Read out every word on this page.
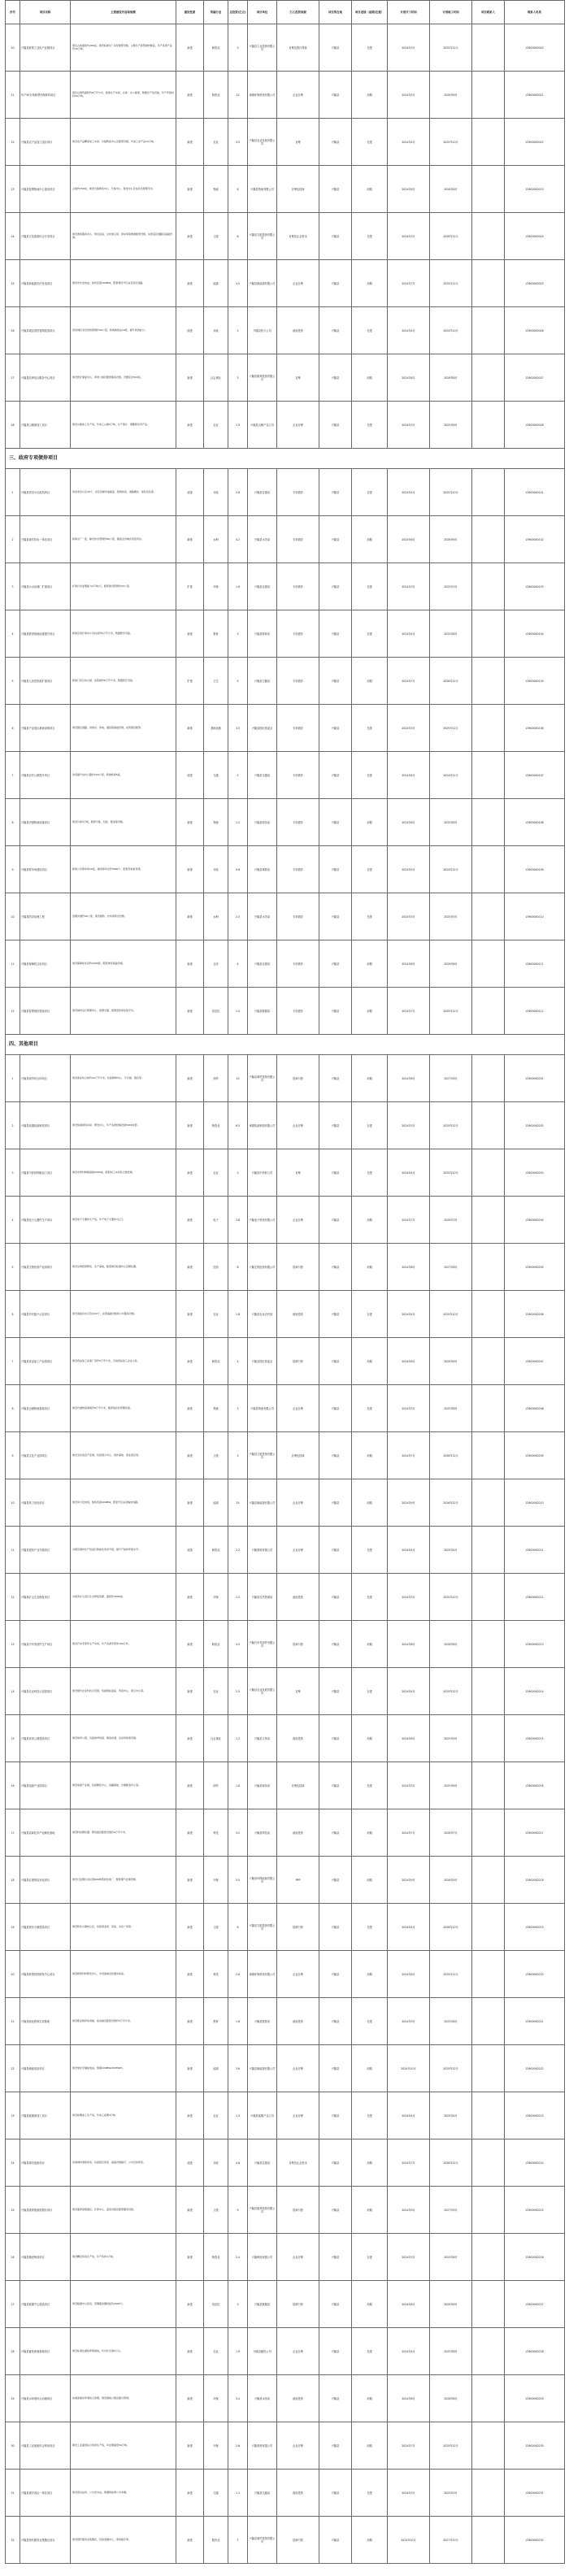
序号	项目名称	主要建设内容和规模	建设性质	所属行业	总投资(亿元)	项目单位	引入投资来源	项目所在地	项目进展（前期/在建）	计划开工时间	计划竣工时间	项目联系人	联系人电话
20	兴隆县新型工业化产业链项目	项目占地面积约200亩，建设标准化厂房及配套设施，主要生产新型建材制品，年产各类产品约30万吨。	新建	制造业	5	兴隆县工业投资有限公司	自筹及银行贷款	兴隆县	在建	2024年3月	2025年12月		13900000020
21	年产50万吨新型环保材料项目	项目总建筑面积约8万平方米，新建生产车间、仓库、办公楼等，购置生产线设备，年产环保材料50万吨。	新建	制造业	12	承德环保科技有限公司	企业自筹	兴隆县	前期	2024年5月	2026年6月		13900000021
22	兴隆县农产品加工园区项目	建设农产品精深加工车间、冷链物流中心及配套设施，年加工农产品10万吨。	新建	农业	3.5	兴隆县农业发展有限公司	自筹	兴隆县	在建	2024年4月	2025年10月		13900000022
23	兴隆县智慧物流中心建设项目	占地约150亩，建设仓储物流中心、分拣中心、配送中心及信息化管理平台。	新建	物流	6	兴隆县物流有限公司	自筹及招商	兴隆县	前期	2024年6月	2026年6月		13900000023
24	兴隆县文化旅游综合开发项目	建设游客服务中心、特色民宿、文化展示馆、停车场等旅游配套设施，完善景区道路及基础设施。	新建	文旅	8	兴隆县文旅投资有限公司	自筹及社会资本	兴隆县	在建	2024年3月	2026年12月		13900000024
25	兴隆县新能源光伏发电项目	建设光伏发电站，装机容量100MW，配套建设升压站及送出线路。	新建	能源	4.5	兴隆县新能源有限公司	企业自筹	兴隆县	前期	2024年7月	2025年12月		13900000025
26	兴隆县城区供热管网改造项目	改造城区老旧供热管网约30公里，新建换热站10座，提升供热能力。	改建	市政	2	兴隆县热力公司	政府投资	兴隆县	在建	2024年4月	2024年10月		13900000026
27	兴隆县医养结合服务中心项目	建设医疗康复中心、养老公寓及配套服务设施，设置床位500张。	新建	社会事业	3	兴隆县康养投资有限公司	自筹	兴隆县	前期	2024年8月	2026年8月		13900000027
28	兴隆县山楂深加工项目	建设山楂加工生产线，年加工山楂5万吨，生产果汁、果脯等系列产品。	新建	农业	1.5	兴隆县山楂产业公司	企业自筹	兴隆县	在建	2024年3月	2025年6月		13900000028
三、政府专项债券项目													
1	兴隆县老旧小区改造项目	改造老旧小区30个，涉及房屋外墙保温、管网改造、道路硬化、绿化亮化等。	改建	市政	2.8	兴隆县住建局	专项债券	兴隆县	在建	2024年4月	2025年10月		13900000101
2	兴隆县城乡供水一体化项目	新建水厂一座，铺设供水管网约80公里，覆盖全县城乡居民用水。	新建	水利	4.2	兴隆县水务局	专项债券	兴隆县	前期	2024年6月	2026年6月		13900000102
3	兴隆县污水处理厂扩建项目	扩建污水处理能力2万吨/日，配套建设管网约20公里。	扩建	环保	1.6	兴隆县住建局	专项债券	兴隆县	在建	2024年3月	2025年3月		13900000103
4	兴隆县教育基础设施提升项目	新建及改扩建中小学校舍约5万平方米，购置教学设备。	新建	教育	3	兴隆县教育局	专项债券	兴隆县	在建	2024年4月	2025年8月		13900000104
5	兴隆县人民医院改扩建项目	新建门急诊综合楼、住院楼约6万平方米，购置医疗设备。	扩建	卫生	5	兴隆县卫健局	专项债券	兴隆县	前期	2024年7月	2026年12月		13900000105
6	兴隆县产业园区基础设施项目	建设园区道路、供排水、供电、通信等基础设施，完善园区配套。	新建	基础设施	3.5	兴隆县园区管委会	专项债券	兴隆县	在建	2024年3月	2025年12月		13900000106
7	兴隆县农村公路提升项目	改造提升农村公路约150公里，新建桥梁5座。	改建	交通	2	兴隆县交通局	专项债券	兴隆县	在建	2024年4月	2024年11月		13900000107
8	兴隆县冷链物流设施项目	建设冷库5万吨，配套分拣、包装、配送等设施。	新建	物流	1.2	兴隆县商务局	专项债券	兴隆县	前期	2024年6月	2025年6月		13900000108
9	兴隆县停车场建设项目	新建公共停车场10处，提供停车位约3000个，配套充电桩设施。	新建	市政	0.8	兴隆县城管局	专项债券	兴隆县	在建	2024年5月	2024年12月		13900000109
10	兴隆县防洪治理工程	治理河道约40公里，建设堤防、护岸等防洪设施。	新建	水利	2.5	兴隆县水务局	专项债券	兴隆县	在建	2024年3月	2025年5月		13900000110
11	兴隆县保障性住房项目	建设保障性住房约2000套，配套建设基础设施。	新建	住房	4	兴隆县住建局	专项债券	兴隆县	前期	2024年8月	2026年8月		13900000111
12	兴隆县智慧城市建设项目	建设城市运行管理中心、智慧交通、智慧安防等系统平台。	新建	信息化	1.5	兴隆县数据局	专项债券	兴隆县	前期	2024年7月	2025年12月		13900000112
四、其他项目													
1	兴隆县商贸综合体项目	建设商业综合体约10万平方米，包括购物中心、写字楼、酒店等。	新建	商贸	10	兴隆县商贸投资有限公司	招商引资	兴隆县	前期	2024年6月	2027年6月		13900000201
2	兴隆县高端装备制造项目	建设装备制造车间、研发中心，年产各类机械设备5000台套。	新建	制造业	6.5	承德装备制造有限公司	企业自筹	兴隆县	在建	2024年3月	2025年12月		13900000202
3	兴隆县中药材种植加工项目	建设中药材种植基地5000亩，配套加工车间及仓储设施。	新建	农业	2	兴隆县中药材公司	自筹	兴隆县	在建	2024年4月	2025年10月		13900000203
4	兴隆县电子元器件生产项目	建设电子元器件生产线，年产电子元器件1亿只。	新建	电子	3.8	兴隆电子科技有限公司	企业自筹	兴隆县	前期	2024年7月	2026年3月		13900000204
5	兴隆县生物医药产业园项目	建设生物医药研发、生产基地，配套建设检测中心及孵化器。	新建	医药	8	兴隆生物医药有限公司	招商引资	兴隆县	前期	2024年8月	2027年8月		13900000205
6	兴隆县乡村振兴示范项目	建设美丽乡村示范村10个，完善基础设施和公共服务设施。	新建	农业	1.8	兴隆县农业农村局	政府投资	兴隆县	在建	2024年4月	2025年10月		13900000206
7	兴隆县食品加工产业园项目	建设食品加工标准厂房约5万平方米，引进食品加工企业入驻。	新建	制造业	4	兴隆县园区管委会	招商引资	兴隆县	前期	2024年6月	2026年6月		13900000207
8	兴隆县仓储物流基地项目	建设仓储物流基地约8万平方米，配套信息化管理系统。	新建	物流	3	兴隆县物流有限公司	企业自筹	兴隆县	在建	2024年3月	2025年8月		13900000208
9	兴隆县文化产业园项目	建设文化创意产业园，包括展示中心、创作基地、商业街区等。	新建	文旅	5	兴隆县文旅投资有限公司	自筹及招商	兴隆县	前期	2024年7月	2026年12月		13900000209
10	兴隆县风力发电项目	建设风力发电场，装机容量200MW，配套升压站及输电线路。	新建	能源	15	兴隆县新能源有限公司	企业自筹	兴隆县	前期	2024年9月	2026年12月		13900000210
11	兴隆县建材产业升级项目	对现有建材生产线进行智能化改造升级，提升产能和环保水平。	改建	制造业	2.2	兴隆建材有限公司	企业自筹	兴隆县	在建	2024年4月	2025年4月		13900000211
12	兴隆县矿山生态修复项目	对废弃矿山进行生态修复治理，面积约3000亩。	新建	环保	1.5	兴隆县自然资源局	政府投资	兴隆县	在建	2024年3月	2025年10月		13900000212
13	兴隆县汽车零部件生产项目	建设汽车零部件生产车间，年产各类零部件100万件。	新建	制造业	4.5	兴隆汽车零部件有限公司	招商引资	兴隆县	前期	2024年8月	2026年6月		13900000213
14	兴隆县农业科技示范园项目	建设现代农业科技示范园，包括智能温室、育苗中心、展示中心等。	新建	农业	2.5	兴隆县农业发展有限公司	自筹	兴隆县	在建	2024年4月	2025年12月		13900000214
15	兴隆县体育公园建设项目	建设体育公园，包括体育场馆、健身步道、运动场地等设施。	新建	社会事业	1.2	兴隆县文体局	政府投资	兴隆县	前期	2024年6月	2025年9月		13900000215
16	兴隆县电商产业园项目	建设电商产业园，包括孵化中心、直播基地、仓储配送中心等。	新建	商贸	1.8	兴隆县商务局	自筹及招商	兴隆县	在建	2024年3月	2025年6月		13900000216
17	兴隆县高新技术产业孵化基地	建设科技孵化器、研发楼及配套设施约4万平方米。	新建	科技	3.2	兴隆县科技局	政府投资	兴隆县	前期	2024年7月	2026年7月		13900000217
18	兴隆县垃圾焚烧发电项目	建设日处理生活垃圾600吨焚烧发电厂，配套烟气处理设施。	新建	环保	5.5	兴隆县环保能源有限公司	PPP	兴隆县	前期	2024年9月	2026年9月		13900000218
19	兴隆县特色小镇建设项目	建设特色小镇核心区，包括商业街、民宿、文化广场等。	新建	文旅	6	兴隆县文旅投资有限公司	招商引资	兴隆县	在建	2024年4月	2026年10月		13900000219
20	兴隆县新型材料研发中心项目	建设新型材料研发中心、中试基地及检测实验室。	新建	科技	2.8	承德环保科技有限公司	企业自筹	兴隆县	前期	2024年8月	2025年12月		13900000220
21	兴隆县职业教育实训基地	建设职业教育实训楼、宿舍楼及配套设施约3万平方米。	新建	教育	1.6	兴隆县教育局	政府投资	兴隆县	在建	2024年3月	2025年8月		13900000221
22	兴隆县储能电站项目	建设电化学储能电站，规模100MW/200MWh。	新建	能源	3.6	兴隆县新能源有限公司	企业自筹	兴隆县	前期	2024年10月	2025年12月		13900000222
23	兴隆县板栗深加工项目	建设板栗加工生产线，年加工板栗3万吨。	新建	农业	1.3	兴隆县板栗产业公司	企业自筹	兴隆县	在建	2024年4月	2025年4月		13900000223
24	兴隆县城市更新项目	实施城市更新改造，包括街区改造、基础设施提升、公共空间营造。	改建	市政	4.8	兴隆县住建局	自筹及社会资本	兴隆县	前期	2024年7月	2026年12月		13900000224
25	兴隆县康养旅游度假区项目	建设康养度假酒店、疗养中心、温泉设施及配套服务设施。	新建	文旅	9	兴隆县康养投资有限公司	招商引资	兴隆县	前期	2024年9月	2027年9月		13900000225
26	兴隆县精密铸造项目	建设精密铸造生产线，年产铸件2万吨。	新建	制造业	2.4	兴隆铸造有限公司	企业自筹	兴隆县	在建	2024年3月	2025年6月		13900000226
27	兴隆县数据中心建设项目	建设数据中心机房，部署服务器机柜约2000个。	新建	信息化	5	兴隆县数据局	招商引资	兴隆县	前期	2024年8月	2026年6月		13900000227
28	兴隆县畜牧养殖基地项目	建设标准化畜牧养殖基地，年出栏生猪5万头。	新建	农业	1.9	兴隆县畜牧公司	企业自筹	兴隆县	在建	2024年4月	2025年8月		13900000228
29	兴隆县水环境综合治理项目	实施流域水环境综合治理，建设湿地公园及截污管网。	新建	环保	3.4	兴隆县水务局	政府投资	兴隆县	前期	2024年6月	2026年6月		13900000229
30	兴隆县工业固废综合利用项目	建设工业固废综合利用生产线，年处理固废50万吨。	新建	环保	2.6	兴隆建材有限公司	企业自筹	兴隆县	前期	2024年7月	2025年12月		13900000230
31	兴隆县城乡客运一体化项目	建设客运站场、公交首末站，购置新能源公交车辆。	新建	交通	1.1	兴隆县交通局	政府投资	兴隆县	在建	2024年3月	2025年3月		13900000231
32	兴隆县现代服务业集聚区项目	建设现代服务业集聚区，包括金融中心、商务楼宇等。	新建	服务业	7	兴隆县商贸投资有限公司	招商引资	兴隆县	前期	2024年10月	2027年10月		13900000232
